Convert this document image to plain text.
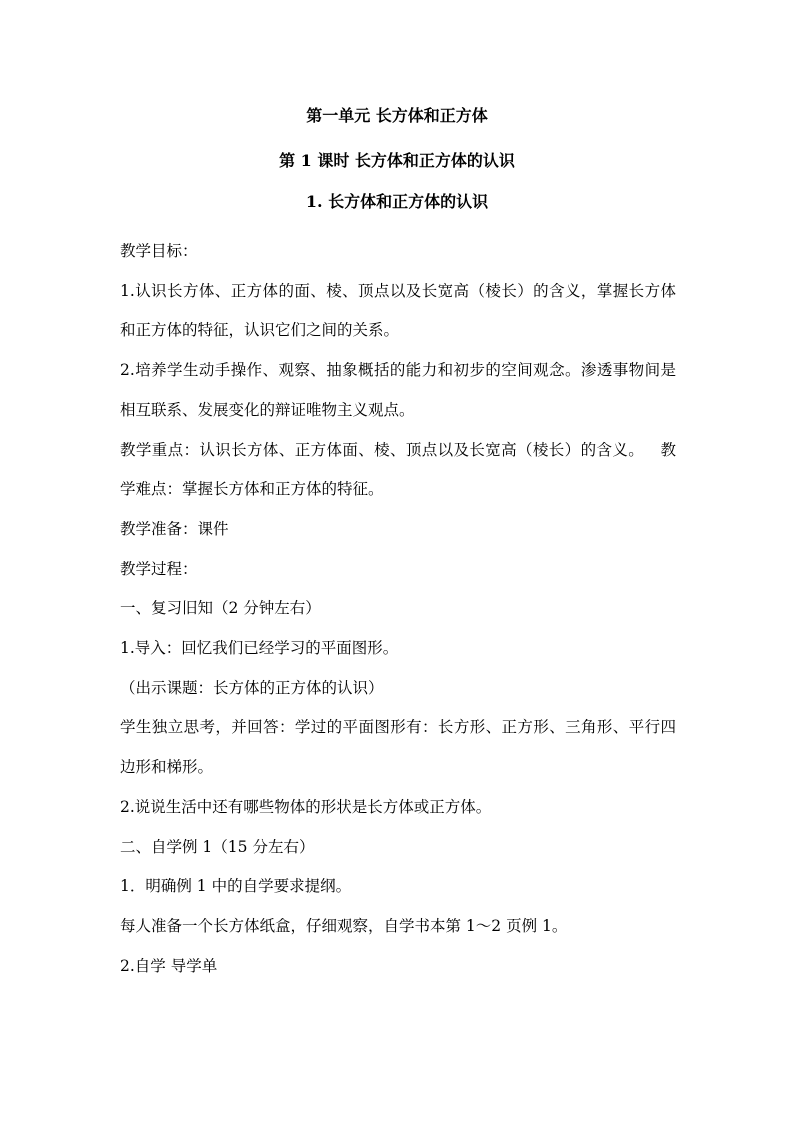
第一单元 长方体和正方体
第 1 课时 长方体和正方体的认识
1. 长方体和正方体的认识

教学目标：

1.认识长方体、正方体的面、棱、顶点以及长宽高（棱长）的含义，掌握长方体和正方体的特征，认识它们之间的关系。

2.培养学生动手操作、观察、抽象概括的能力和初步的空间观念。渗透事物间是相互联系、发展变化的辩证唯物主义观点。

教学重点：认识长方体、正方体面、棱、顶点以及长宽高（棱长）的含义。 教学难点：掌握长方体和正方体的特征。

教学准备：课件

教学过程：

一、复习旧知（2 分钟左右）

1.导入：回忆我们已经学习的平面图形。

（出示课题：长方体的正方体的认识）

学生独立思考，并回答：学过的平面图形有：长方形、正方形、三角形、平行四边形和梯形。

2.说说生活中还有哪些物体的形状是长方体或正方体。

二、自学例 1（15 分左右）

1．明确例 1 中的自学要求提纲。

每人准备一个长方体纸盒，仔细观察，自学书本第 1～2 页例 1。

2.自学 导学单
